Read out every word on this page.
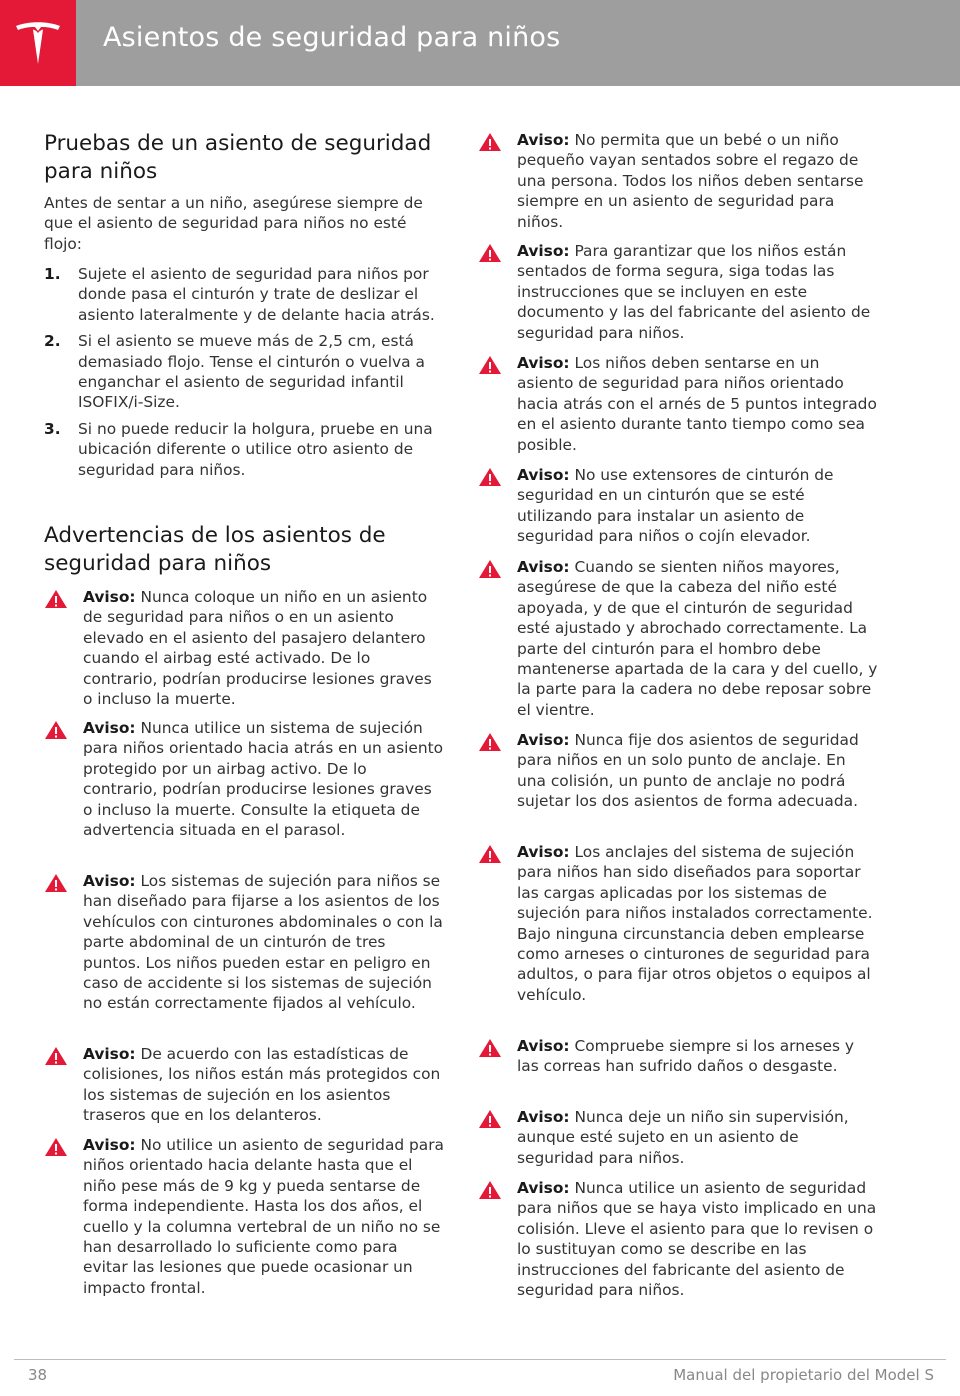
Asientos de seguridad para niños
Pruebas de un asiento de seguridad para niños

Antes de sentar a un niño, asegúrese siempre de que el asiento de seguridad para niños no esté flojo:

1. Sujete el asiento de seguridad para niños por donde pasa el cinturón y trate de deslizar el asiento lateralmente y de delante hacia atrás.
2. Si el asiento se mueve más de 2,5 cm, está demasiado flojo. Tense el cinturón o vuelva a enganchar el asiento de seguridad infantil ISOFIX/i-Size.
3. Si no puede reducir la holgura, pruebe en una ubicación diferente o utilice otro asiento de seguridad para niños.
Advertencias de los asientos de seguridad para niños
Aviso: Nunca coloque un niño en un asiento de seguridad para niños o en un asiento elevado en el asiento del pasajero delantero cuando el airbag esté activado. De lo contrario, podrían producirse lesiones graves o incluso la muerte.
Aviso: Nunca utilice un sistema de sujeción para niños orientado hacia atrás en un asiento protegido por un airbag activo. De lo contrario, podrían producirse lesiones graves o incluso la muerte. Consulte la etiqueta de advertencia situada en el parasol.
Aviso: Los sistemas de sujeción para niños se han diseñado para fijarse a los asientos de los vehículos con cinturones abdominales o con la parte abdominal de un cinturón de tres puntos. Los niños pueden estar en peligro en caso de accidente si los sistemas de sujeción no están correctamente fijados al vehículo.
Aviso: De acuerdo con las estadísticas de colisiones, los niños están más protegidos con los sistemas de sujeción en los asientos traseros que en los delanteros.
Aviso: No utilice un asiento de seguridad para niños orientado hacia delante hasta que el niño pese más de 9 kg y pueda sentarse de forma independiente. Hasta los dos años, el cuello y la columna vertebral de un niño no se han desarrollado lo suficiente como para evitar las lesiones que puede ocasionar un impacto frontal.
Aviso: No permita que un bebé o un niño pequeño vayan sentados sobre el regazo de una persona. Todos los niños deben sentarse siempre en un asiento de seguridad para niños.
Aviso: Para garantizar que los niños están sentados de forma segura, siga todas las instrucciones que se incluyen en este documento y las del fabricante del asiento de seguridad para niños.
Aviso: Los niños deben sentarse en un asiento de seguridad para niños orientado hacia atrás con el arnés de 5 puntos integrado en el asiento durante tanto tiempo como sea posible.
Aviso: No use extensores de cinturón de seguridad en un cinturón que se esté utilizando para instalar un asiento de seguridad para niños o cojín elevador.
Aviso: Cuando se sienten niños mayores, asegúrese de que la cabeza del niño esté apoyada, y de que el cinturón de seguridad esté ajustado y abrochado correctamente. La parte del cinturón para el hombro debe mantenerse apartada de la cara y del cuello, y la parte para la cadera no debe reposar sobre el vientre.
Aviso: Nunca fije dos asientos de seguridad para niños en un solo punto de anclaje. En una colisión, un punto de anclaje no podrá sujetar los dos asientos de forma adecuada.
Aviso: Los anclajes del sistema de sujeción para niños han sido diseñados para soportar las cargas aplicadas por los sistemas de sujeción para niños instalados correctamente. Bajo ninguna circunstancia deben emplearse como arneses o cinturones de seguridad para adultos, o para fijar otros objetos o equipos al vehículo.
Aviso: Compruebe siempre si los arneses y las correas han sufrido daños o desgaste.
Aviso: Nunca deje un niño sin supervisión, aunque esté sujeto en un asiento de seguridad para niños.
Aviso: Nunca utilice un asiento de seguridad para niños que se haya visto implicado en una colisión. Lleve el asiento para que lo revisen o lo sustituyan como se describe en las instrucciones del fabricante del asiento de seguridad para niños.
38	Manual del propietario del Model S
